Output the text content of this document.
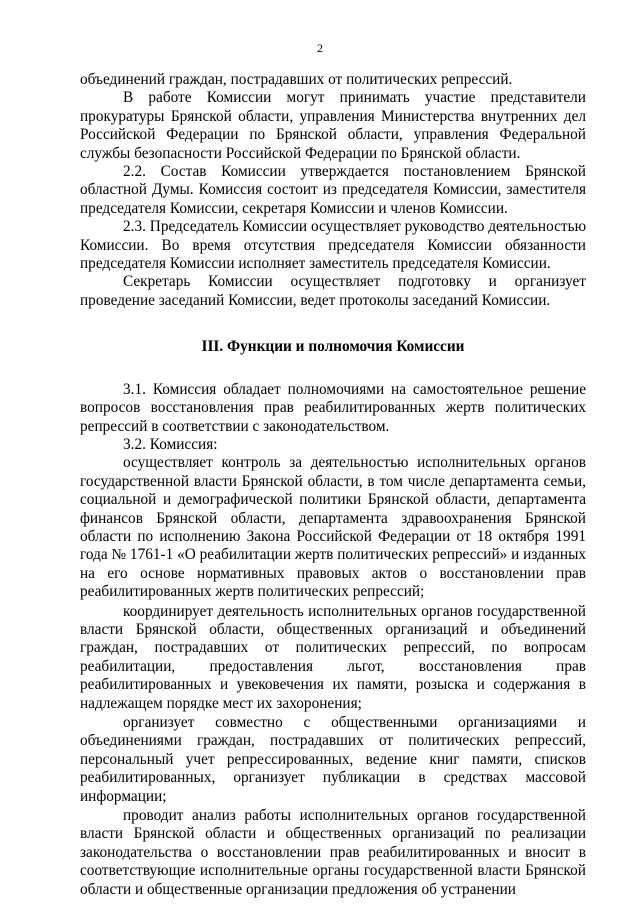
2

объединений граждан, пострадавших от политических репрессий.

В работе Комиссии могут принимать участие представители прокуратуры Брянской области, управления Министерства внутренних дел Российской Федерации по Брянской области, управления Федеральной службы безопасности Российской Федерации по Брянской области.

2.2. Состав Комиссии утверждается постановлением Брянской областной Думы. Комиссия состоит из председателя Комиссии, заместителя председателя Комиссии, секретаря Комиссии и членов Комиссии.

2.3. Председатель Комиссии осуществляет руководство деятельностью Комиссии. Во время отсутствия председателя Комиссии обязанности председателя Комиссии исполняет заместитель председателя Комиссии.

Секретарь Комиссии осуществляет подготовку и организует проведение заседаний Комиссии, ведет протоколы заседаний Комиссии.

III. Функции и полномочия Комиссии

3.1. Комиссия обладает полномочиями на самостоятельное решение вопросов восстановления прав реабилитированных жертв политических репрессий в соответствии с законодательством.

3.2. Комиссия:

осуществляет контроль за деятельностью исполнительных органов государственной власти Брянской области, в том числе департамента семьи, социальной и демографической политики Брянской области, департамента финансов Брянской области, департамента здравоохранения Брянской области по исполнению Закона Российской Федерации от 18 октября 1991 года № 1761-1 «О реабилитации жертв политических репрессий» и изданных на его основе нормативных правовых актов о восстановлении прав реабилитированных жертв политических репрессий;

координирует деятельность исполнительных органов государственной власти Брянской области, общественных организаций и объединений граждан, пострадавших от политических репрессий, по вопросам реабилитации, предоставления льгот, восстановления прав реабилитированных и увековечения их памяти, розыска и содержания в надлежащем порядке мест их захоронения;

организует совместно с общественными организациями и объединениями граждан, пострадавших от политических репрессий, персональный учет репрессированных, ведение книг памяти, списков реабилитированных, организует публикации в средствах массовой информации;

проводит анализ работы исполнительных органов государственной власти Брянской области и общественных организаций по реализации законодательства о восстановлении прав реабилитированных и вносит в соответствующие исполнительные органы государственной власти Брянской области и общественные организации предложения об устранении
